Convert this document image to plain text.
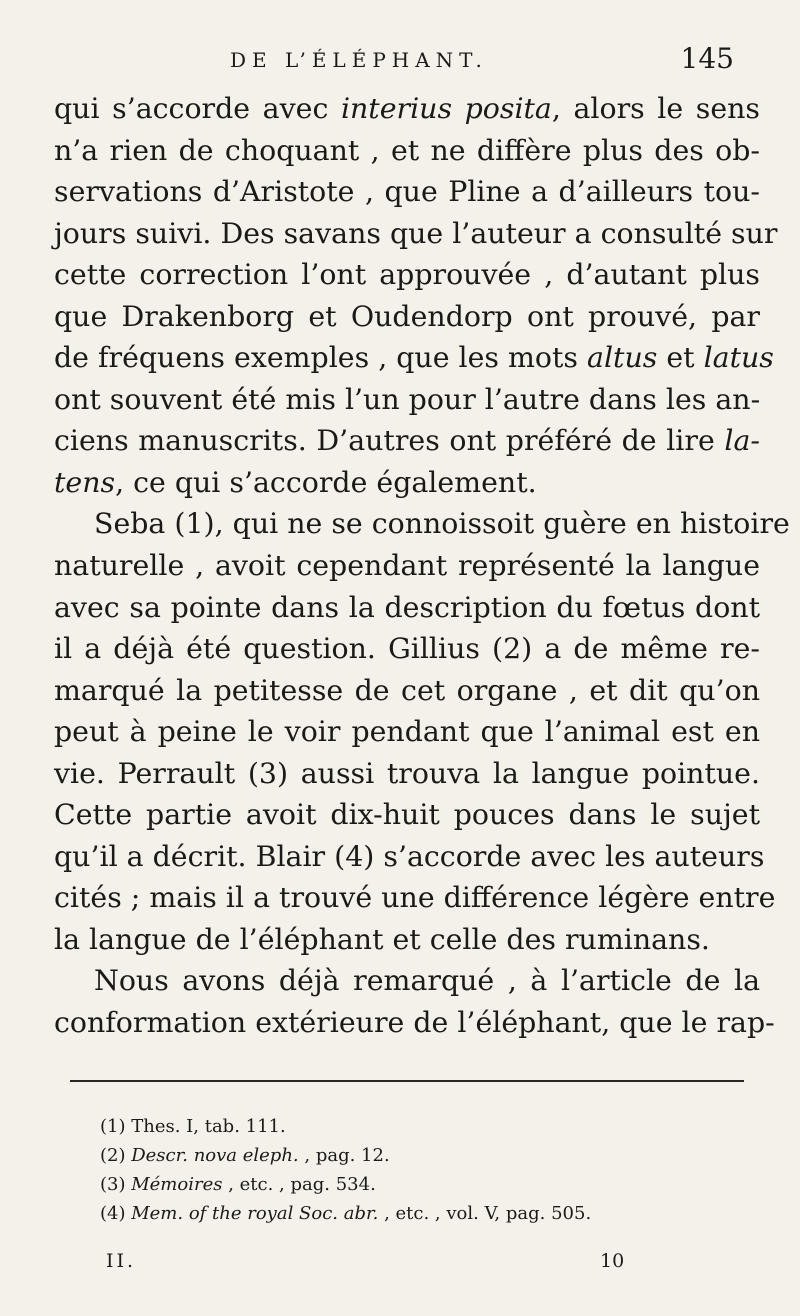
DE L’ÉLÉPHANT.	145
qui s’accorde avec interius posita, alors le sens
n’a rien de choquant , et ne diffère plus des ob-
servations d’Aristote , que Pline a d’ailleurs tou-
jours suivi. Des savans que l’auteur a consulté sur
cette correction l’ont approuvée , d’autant plus
que Drakenborg et Oudendorp ont prouvé, par
de fréquens exemples , que les mots altus et latus
ont souvent été mis l’un pour l’autre dans les an-
ciens manuscrits. D’autres ont préféré de lire la-
tens, ce qui s’accorde également.
Seba (1), qui ne se connoissoit guère en histoire
naturelle , avoit cependant représenté la langue
avec sa pointe dans la description du fœtus dont
il a déjà été question. Gillius (2) a de même re-
marqué la petitesse de cet organe , et dit qu’on
peut à peine le voir pendant que l’animal est en
vie. Perrault (3) aussi trouva la langue pointue.
Cette partie avoit dix-huit pouces dans le sujet
qu’il a décrit. Blair (4) s’accorde avec les auteurs
cités ; mais il a trouvé une différence légère entre
la langue de l’éléphant et celle des ruminans.
Nous avons déjà remarqué , à l’article de la
conformation extérieure de l’éléphant, que le rap-
(1) Thes. I, tab. 111.
(2) Descr. nova eleph. , pag. 12.
(3) Mémoires , etc. , pag. 534.
(4) Mem. of the royal Soc. abr. , etc. , vol. V, pag. 505.
II.	10
